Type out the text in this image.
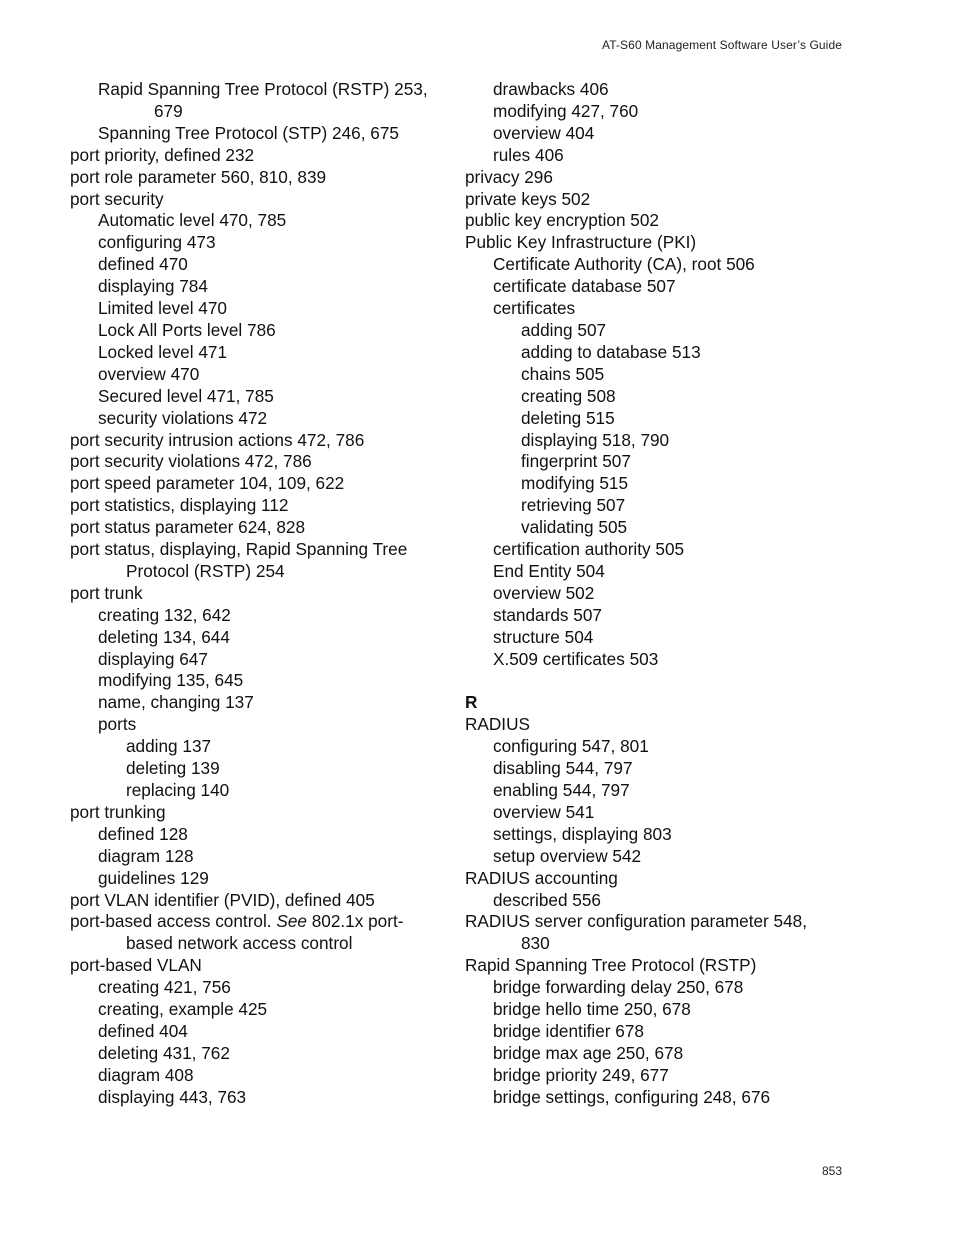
AT-S60 Management Software User’s Guide
Rapid Spanning Tree Protocol (RSTP) 253,
679
Spanning Tree Protocol (STP) 246, 675
port priority, defined 232
port role parameter 560, 810, 839
port security
Automatic level 470, 785
configuring 473
defined 470
displaying 784
Limited level 470
Lock All Ports level 786
Locked level 471
overview 470
Secured level 471, 785
security violations 472
port security intrusion actions 472, 786
port security violations 472, 786
port speed parameter 104, 109, 622
port statistics, displaying 112
port status parameter 624, 828
port status, displaying, Rapid Spanning Tree
Protocol (RSTP) 254
port trunk
creating 132, 642
deleting 134, 644
displaying 647
modifying 135, 645
name, changing 137
ports
adding 137
deleting 139
replacing 140
port trunking
defined 128
diagram 128
guidelines 129
port VLAN identifier (PVID), defined 405
port-based access control. See 802.1x port-
based network access control
port-based VLAN
creating 421, 756
creating, example 425
defined 404
deleting 431, 762
diagram 408
displaying 443, 763
drawbacks 406
modifying 427, 760
overview 404
rules 406
privacy 296
private keys 502
public key encryption 502
Public Key Infrastructure (PKI)
Certificate Authority (CA), root 506
certificate database 507
certificates
adding 507
adding to database 513
chains 505
creating 508
deleting 515
displaying 518, 790
fingerprint 507
modifying 515
retrieving 507
validating 505
certification authority 505
End Entity 504
overview 502
standards 507
structure 504
X.509 certificates 503
R
RADIUS
configuring 547, 801
disabling 544, 797
enabling 544, 797
overview 541
settings, displaying 803
setup overview 542
RADIUS accounting
described 556
RADIUS server configuration parameter 548,
830
Rapid Spanning Tree Protocol (RSTP)
bridge forwarding delay 250, 678
bridge hello time 250, 678
bridge identifier 678
bridge max age 250, 678
bridge priority 249, 677
bridge settings, configuring 248, 676
853
